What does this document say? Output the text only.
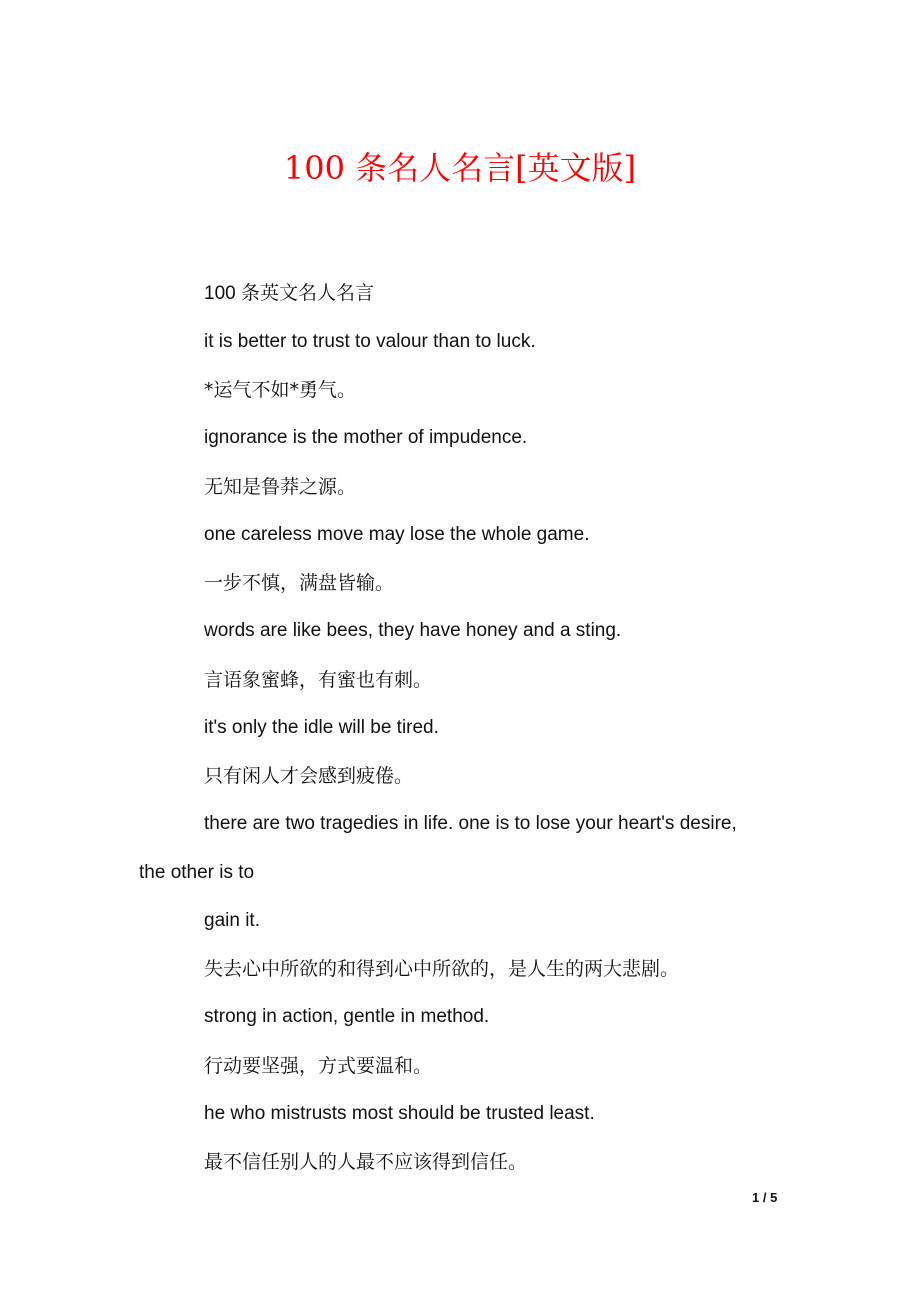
100 条名人名言[英文版]
100 条英文名人名言
it is better to trust to valour than to luck.
*运气不如*勇气。
ignorance is the mother of impudence.
无知是鲁莽之源。
one careless move may lose the whole game.
一步不慎，满盘皆输。
words are like bees, they have honey and a sting.
言语象蜜蜂，有蜜也有刺。
it's only the idle will be tired.
只有闲人才会感到疲倦。
there are two tragedies in life. one is to lose your heart's desire,
the other is to
gain it.
失去心中所欲的和得到心中所欲的，是人生的两大悲剧。
strong in action, gentle in method.
行动要坚强，方式要温和。
he who mistrusts most should be trusted least.
最不信任别人的人最不应该得到信任。
1 / 5
